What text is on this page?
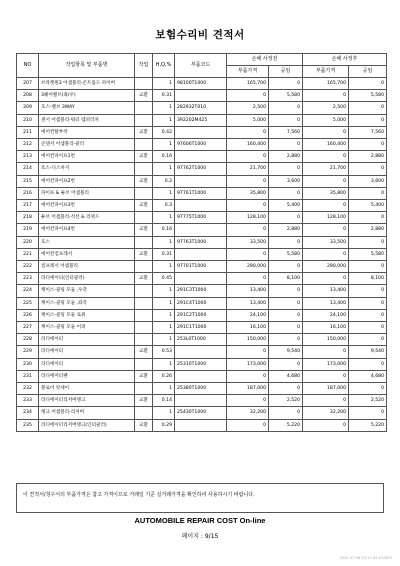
보험수리비 견적서
NO	작업항목 및 부품명	작업	H,Q,%	부품코드	손해 사정전		손해 사정후	
					부품가격	공임	부품가격	공임
207	브라켓원3 어셈블리-콘트롤드 파이버		1	98100T1000	165,700	0	165,700	0
208	3헤어밸브(좌/우)	교환	0.31		0	5,580	0	5,580
209	호스-밸브 3WAY		1	282932T010	2,500	0	2,500	0
210	센서 어셈블리-워터 템퍼러쳐		1	392202M425	5,000	0	5,000	0
211	에어컨탈부착	교환	0.42		0	7,560	0	7,560
212	콘덴서 어셈블리-쿨러		1	97606T1000	160,400	0	160,400	0
213	에어컨파이프1번	교환	0.16		0	2,880	0	2,880
214	호스-디스차지		1	97762T1000	21,700	0	21,700	0
215	에어컨파이프2번	교환	0.2		0	3,600	0	3,600
216	파이프 & 튜브 어셈블리		1	97761T1000	35,800	0	35,800	0
217	에어컨파이프3번	교환	0.3		0	5,400	0	5,400
218	튜브 어셈블리-석션 & 리퀴드		1	97775T1000	128,100	0	128,100	0
219	에어컨파이프4번	교환	0.16		0	2,880	0	2,880
220	호스		1	97763T1000	33,500	0	33,500	0
221	에어컨컴프레서	교환	0.31		0	5,580	0	5,580
222	컴프레서 어셈블리		1	97701T1000	290,000	0	290,000	0
223	라디에이터(인터쿨러)	교환	0.45		0	8,100	0	8,100
224	케이스-쿨링 모듈 ,우측		1	291C3T1000	13,400	0	13,400	0
225	케이스-쿨링 모듈 ,좌측		1	291C4T1000	13,400	0	13,400	0
226	케이스-쿨링 모듈 로워		1	291C2T1000	24,100	0	24,100	0
227	케이스-쿨링 모듈 어퍼		1	291C1T1000	16,100	0	16,100	0
228	라디에이터		1	253L0T1000	150,000	0	150,000	0
229	라디에이터	교환	0.53		0	9,540	0	9,540
230	라디에이터		1	25310T1000	173,000	0	173,000	0
231	라디에이터팬	교환	0.26		0	4,680	0	4,680
232	블로어 앗세이		1	25380T1000	187,000	0	187,000	0
233	라디에이터리저버탱크	교환	0.14		0	2,520	0	2,520
234	탱크 어셈블리-리저버		1	25430T1000	32,200	0	32,200	0
235	라디에이터리저버탱크(인터쿨러)	교환	0.29		0	5,220	0	5,220
이 견적서/청구서의 부품가격은 참고 가격이므로 거래일 기준 실거래가격을 확인하여 사용하시기 바랍니다.
AUTOMOBILE REPAIR COST On-line
페이지 : 9/15
2023-07-06 13:17:44 K7/DEV
